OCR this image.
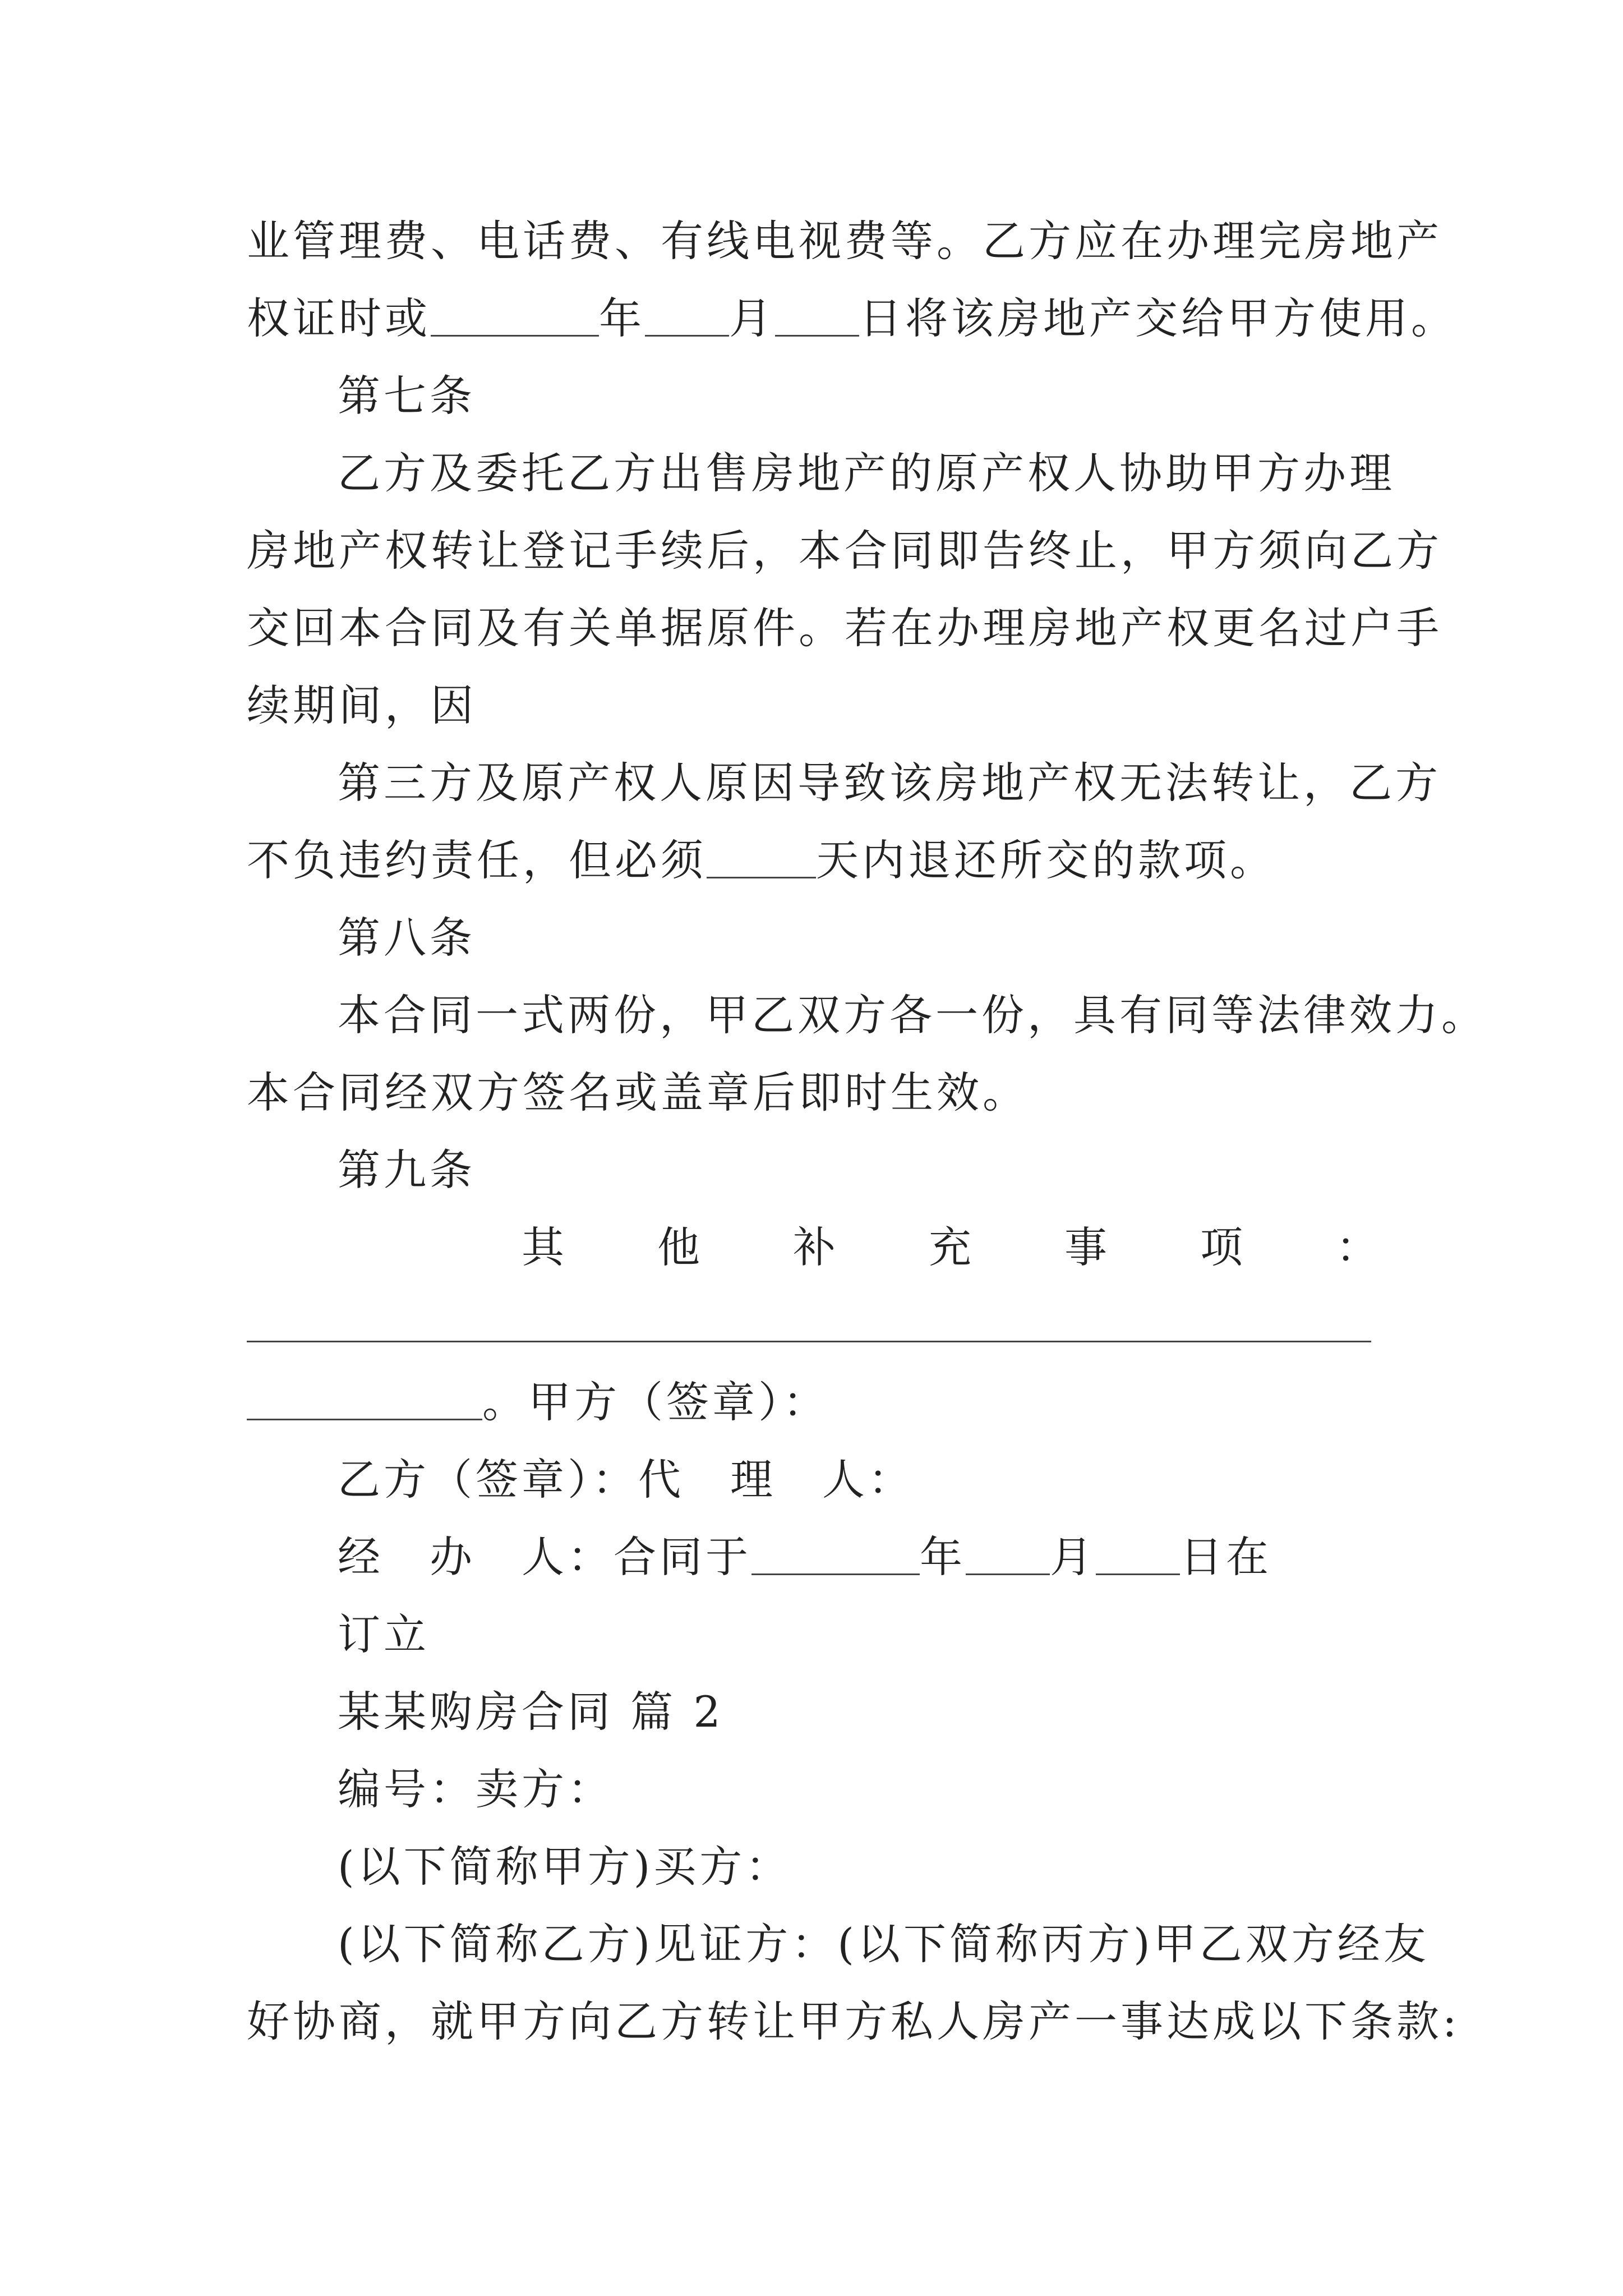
业管理费、电话费、有线电视费等。乙方应在办理完房地产

权证时或	年 月 日将该房地产交给甲方使用。

第七条

乙方及委托乙方出售房地产的原产权人协助甲方办理

房地产权转让登记手续后，本合同即告终止，甲方须向乙方

交回本合同及有关单据原件。若在办理房地产权更名过户手

续期间，因

第三方及原产权人原因导致该房地产权无法转让，乙方

不负违约责任，但必须	天内退还所交的款项。

第八条

本合同一式两份，甲乙双方各一份，具有同等法律效力。

本合同经双方签名或盖章后即时生效。

第九条

其 他 补 充 事 项 ：

。甲方（签章）：

乙方（签章）：代　理　人：

经　办　人：合同于	年 月 日在

订立

某某购房合同 篇 2

编号：卖方：

(以下简称甲方)买方：

(以下简称乙方)见证方：(以下简称丙方)甲乙双方经友

好协商，就甲方向乙方转让甲方私人房产一事达成以下条款:
